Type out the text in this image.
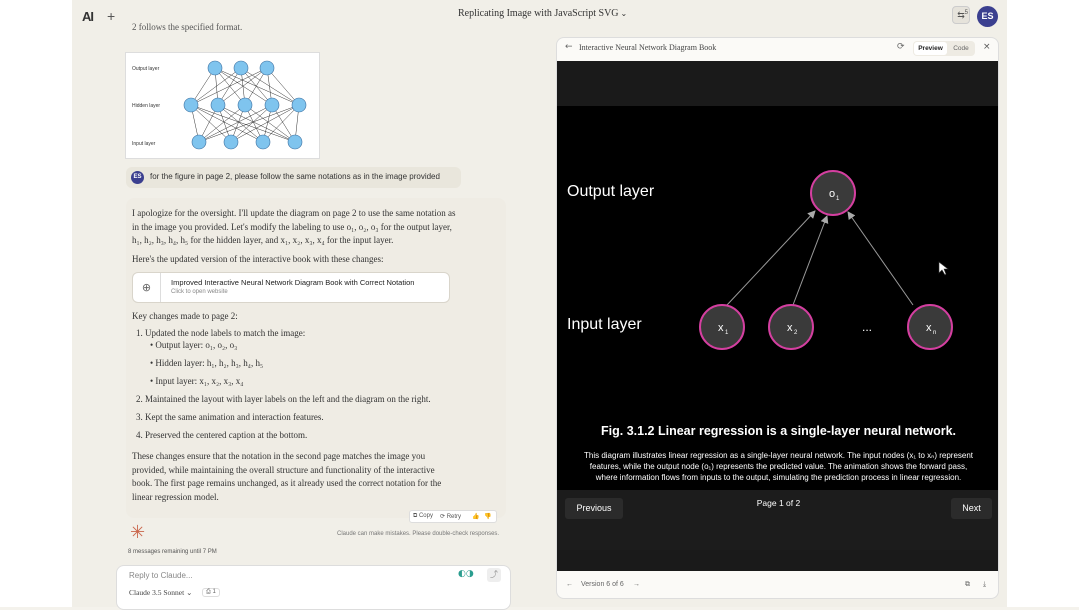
AI +	Replicating Image with JavaScript SVG ⌄	⇆ 5	ES
2 follows the specified format.
Output layer
Hidden layer
Input layer
ES	for the figure in page 2, please follow the same notations as in the image provided
I apologize for the oversight. I'll update the diagram on page 2 to use the same notation as
in the image you provided. Let's modify the labeling to use o₁, o₂, o₃ for the output layer,
h₁, h₂, h₃, h₄, h₅ for the hidden layer, and x₁, x₂, x₃, x₄ for the input layer.
Here's the updated version of the interactive book with these changes:
⊕	Improved Interactive Neural Network Diagram Book with Correct Notation
Click to open website
Key changes made to page 2:
1. Updated the node labels to match the image:
• Output layer: o₁, o₂, o₃
• Hidden layer: h₁, h₂, h₃, h₄, h₅
• Input layer: x₁, x₂, x₃, x₄
2. Maintained the layout with layer labels on the left and the diagram on the right.
3. Kept the same animation and interaction features.
4. Preserved the centered caption at the bottom.
These changes ensure that the notation in the second page matches the image you
provided, while maintaining the overall structure and functionality of the interactive
book. The first page remains unchanged, as it already used the correct notation for the
linear regression model.
⧉ Copy ⟳ Retry 👍 👎
✳	Claude can make mistakes. Please double-check responses.
8 messages remaining until 7 PM
Reply to Claude...
Claude 3.5 Sonnet ⌄	⎙ 1
◐◑	⤴
← Interactive Neural Network Diagram Book	⟳	Preview	Code	×
Output layer
Input layer
o 1
x 1	x 2	...	x n
Fig. 3.1.2 Linear regression is a single-layer neural network.
This diagram illustrates linear regression as a single-layer neural network. The input nodes (x₁ to xₙ) represent
features, while the output node (o₁) represents the predicted value. The animation shows the forward pass,
where information flows from inputs to the output, simulating the prediction process in linear regression.
Previous	Page 1 of 2	Next
← Version 6 of 6 →	⧉ ⤓
